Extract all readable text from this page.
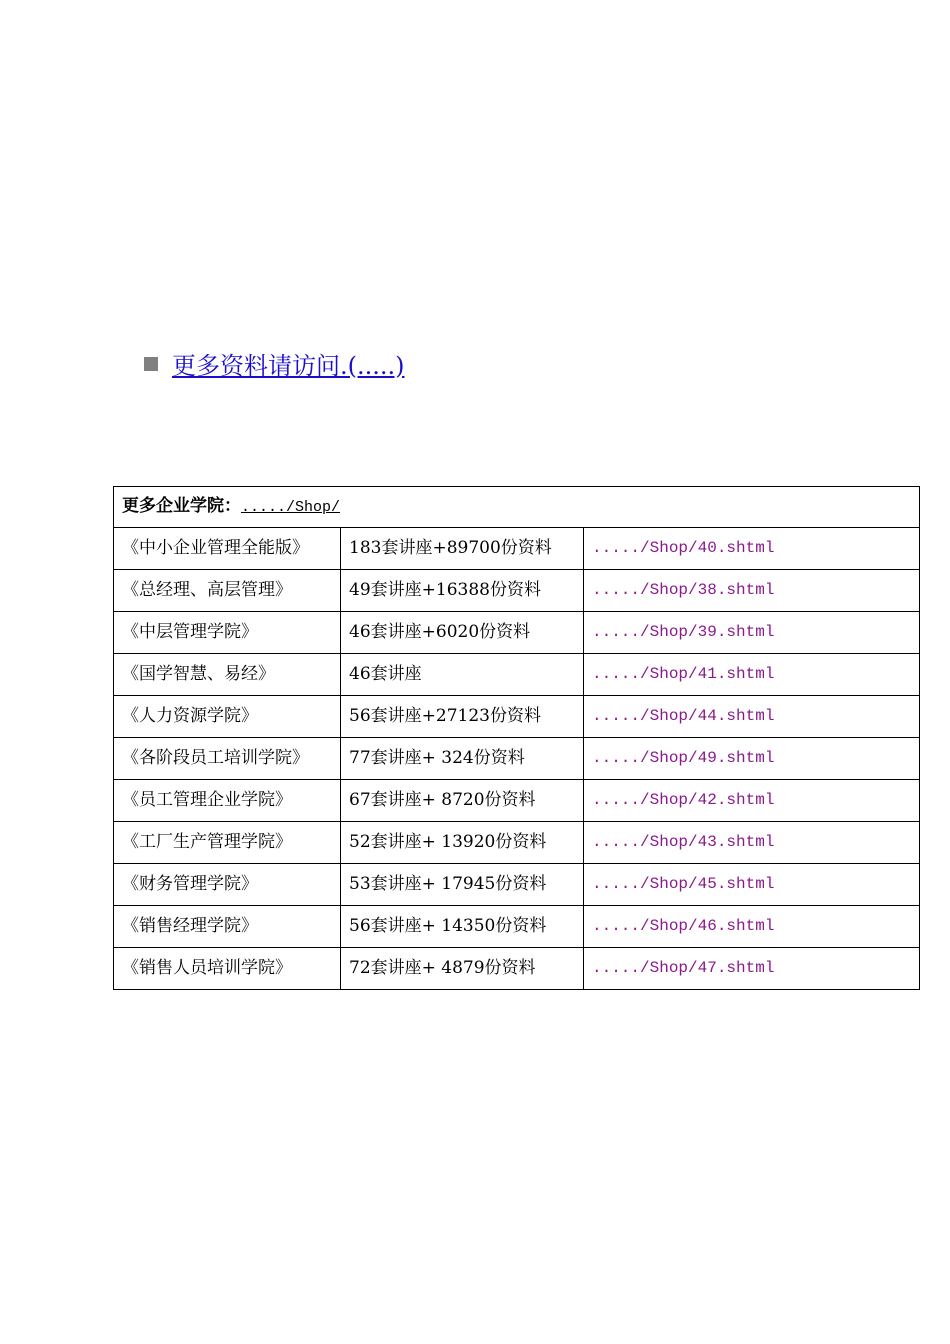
更多资料请访问.(.....)
更多企业学院：...../Shop/		
《中小企业管理全能版》	183套讲座+89700份资料	...../Shop/40.shtml
《总经理、高层管理》	49套讲座+16388份资料	...../Shop/38.shtml
《中层管理学院》	46套讲座+6020份资料	...../Shop/39.shtml
《国学智慧、易经》	46套讲座	...../Shop/41.shtml
《人力资源学院》	56套讲座+27123份资料	...../Shop/44.shtml
《各阶段员工培训学院》	77套讲座+ 324份资料	...../Shop/49.shtml
《员工管理企业学院》	67套讲座+ 8720份资料	...../Shop/42.shtml
《工厂生产管理学院》	52套讲座+ 13920份资料	...../Shop/43.shtml
《财务管理学院》	53套讲座+ 17945份资料	...../Shop/45.shtml
《销售经理学院》	56套讲座+ 14350份资料	...../Shop/46.shtml
《销售人员培训学院》	72套讲座+ 4879份资料	...../Shop/47.shtml
